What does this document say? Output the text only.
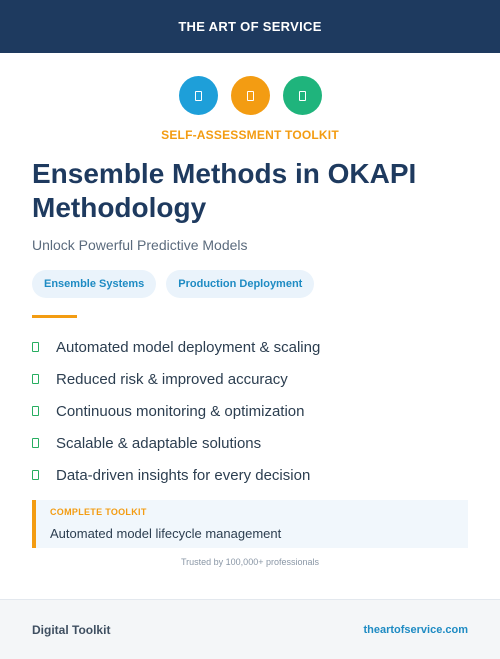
THE ART OF SERVICE
SELF-ASSESSMENT TOOLKIT
Ensemble Methods in OKAPI Methodology
Unlock Powerful Predictive Models
Ensemble Systems	Production Deployment
Automated model deployment & scaling
Reduced risk & improved accuracy
Continuous monitoring & optimization
Scalable & adaptable solutions
Data-driven insights for every decision
COMPLETE TOOLKIT
Automated model lifecycle management
Trusted by 100,000+ professionals
Digital Toolkit	theartofservice.com
